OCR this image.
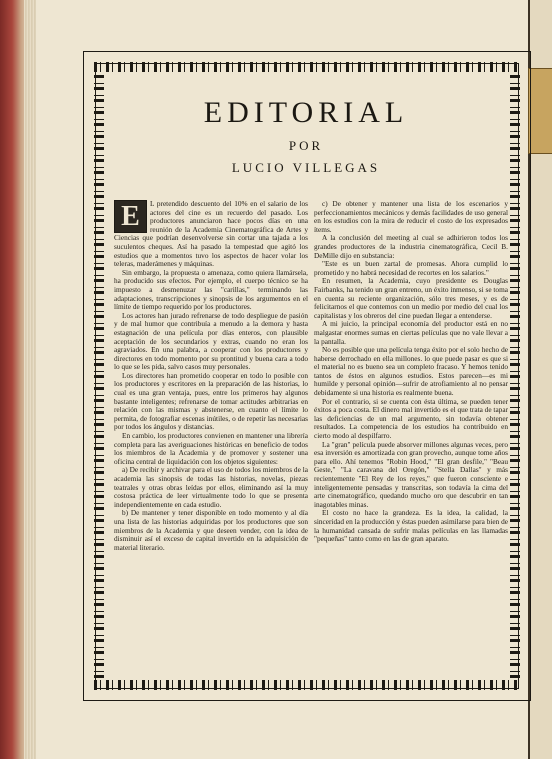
EDITORIAL
POR
LUCIO VILLEGAS

E	L pretendido descuento del 10% en el salario de los actores del cine es un recuerdo del pasado. Los productores anunciaron hace pocos días en una reunión de la Academia Cinematográfica de Artes y Ciencias que podrían desenvolverse sin cortar una tajada a los suculentos cheques. Así ha pasado la tempestad que agitó los estudios que a momentos tuvo los aspectos de hacer volar los teleras, maderámenes y máquinas.

Sin embargo, la propuesta o amenaza, como quiera llamársela, ha producido sus efectos. Por ejemplo, el cuerpo técnico se ha impuesto a desmenuzar las "carillas," terminando las adaptaciones, transcripciones y sinopsis de los argumentos en el límite de tiempo requerido por los productores.

Los actores han jurado refrenarse de todo despliegue de pasión y de mal humor que contribuía a menudo a la demora y hasta estagnación de una película por días enteros, con plausible aceptación de los secundarios y extras, cuando no eran los agraviados. En una palabra, a cooperar con los productores y directores en todo momento por su prontitud y buena cara a todo lo que se les pida, salvo casos muy personales.

Los directores han prometido cooperar en todo lo posible con los productores y escritores en la preparación de las historias, lo cual es una gran ventaja, pues, entre los primeros hay algunos bastante inteligentes; refrenarse de tomar actitudes arbitrarias en relación con las mismas y abstenerse, en cuanto el límite lo permita, de fotografiar escenas inútiles, o de repetir las necesarias por todos los ángulos y distancias.

En cambio, los productores convienen en mantener una librería completa para las averiguaciones históricas en beneficio de todos los miembros de la Academia y de promover y sostener una oficina central de liquidación con los objetos siguientes:

a) De recibir y archivar para el uso de todos los miembros de la academia las sinopsis de todas las historias, novelas, piezas teatrales y otras obras leídas por ellos, eliminando así la muy costosa práctica de leer virtualmente todo lo que se presenta independientemente en cada estudio.

b) De mantener y tener disponible en todo momento y al día una lista de las historias adquiridas por los productores que son miembros de la Academia y que deseen vender, con la idea de disminuir así el exceso de capital invertido en la adquisición de material literario.

c) De obtener y mantener una lista de los escenarios y perfeccionamientos mecánicos y demás facilidades de uso general en los estudios con la mira de reducir el costo de los expresados ítems.

A la conclusión del meeting al cual se adhirieron todos los grandes productores de la industria cinematográfica, Cecil B. DeMille dijo en substancia:

"Este es un buen zartal de promesas. Ahora cumplid lo prometido y no habrá necesidad de recortes en los salarios."

En resumen, la Academia, cuyo presidente es Douglas Fairbanks, ha tenido un gran entreno, un éxito inmenso, si se toma en cuenta su reciente organización, sólo tres meses, y es de felicitarnos el que contemos con un medio por medio del cual los capitalistas y los obreros del cine puedan llegar a entenderse.

A mi juicio, la principal economía del productor está en no malgastar enormes sumas en ciertas películas que no vale llevar a la pantalla.

No es posible que una película tenga éxito por el solo hecho de haberse derrochado en ella millones. lo que puede pasar es que si el material no es bueno sea un completo fracaso. Y hemos tenido tantos de éstos en algunos estudios. Estos parecen—es mi humilde y personal opinión—sufrir de atrofiamiento al no pensar debidamente si una historia es realmente buena.

Por el contrario, si se cuenta con ésta última, se pueden tener éxitos a poca costa. El dinero mal invertido es el que trata de tapar las deficiencias de un mal argumento, sin todavía obtener resultados. La competencia de los estudios ha contribuido en cierto modo al despilfarro.

La "gran" película puede absorver millones algunas veces, pero esa inversión es amortizada con gran provecho, aunque tome años para ello. Ahí tenemos "Robin Hood," "El gran desfile," "Beau Geste," "La caravana del Oregón," "Stella Dallas" y más recientemente "El Rey de los reyes," que fueron consciente e inteligentemente pensadas y transcritas, son todavía la cima del arte cinematográfico, quedando mucho oro que descubrir en tan inagotables minas.

El costo no hace la grandeza. Es la idea, la calidad, la sinceridad en la producción y éstas pueden asimilarse para bien de la humanidad cansada de sufrir malas películas en las llamadas "pequeñas" tanto como en las de gran aparato.
